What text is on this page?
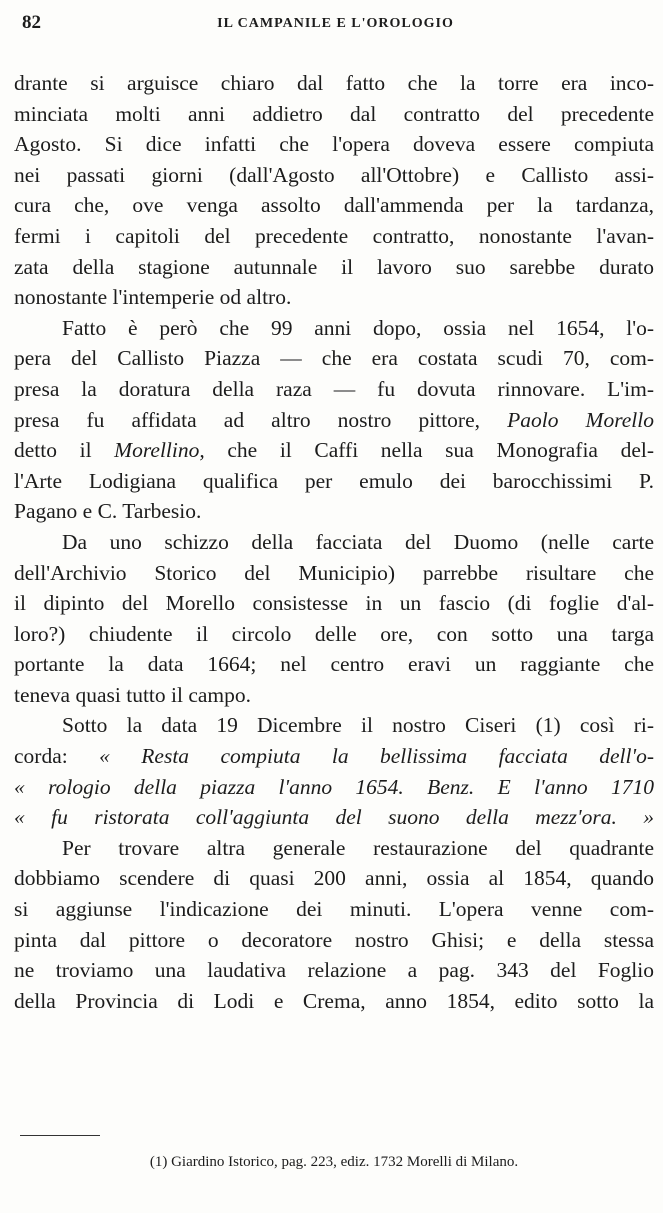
82	IL CAMPANILE E L'OROLOGIO
drante si arguisce chiaro dal fatto che la torre era inco-
minciata molti anni addietro dal contratto del precedente
Agosto. Si dice infatti che l'opera doveva essere compiuta
nei passati giorni (dall'Agosto all'Ottobre) e Callisto assi-
cura che, ove venga assolto dall'ammenda per la tardanza,
fermi i capitoli del precedente contratto, nonostante l'avan-
zata della stagione autunnale il lavoro suo sarebbe durato
nonostante l'intemperie od altro.
Fatto è però che 99 anni dopo, ossia nel 1654, l'o-
pera del Callisto Piazza — che era costata scudi 70, com-
presa la doratura della raza — fu dovuta rinnovare. L'im-
presa fu affidata ad altro nostro pittore, Paolo Morello
detto il Morellino, che il Caffi nella sua Monografia del-
l'Arte Lodigiana qualifica per emulo dei barocchissimi P.
Pagano e C. Tarbesio.
Da uno schizzo della facciata del Duomo (nelle carte
dell'Archivio Storico del Municipio) parrebbe risultare che
il dipinto del Morello consistesse in un fascio (di foglie d'al-
loro?) chiudente il circolo delle ore, con sotto una targa
portante la data 1664; nel centro eravi un raggiante che
teneva quasi tutto il campo.
Sotto la data 19 Dicembre il nostro Ciseri (1) così ri-
corda: « Resta compiuta la bellissima facciata dell'o-
« rologio della piazza l'anno 1654. Benz. E l'anno 1710
« fu ristorata coll'aggiunta del suono della mezz'ora. »
Per trovare altra generale restaurazione del quadrante
dobbiamo scendere di quasi 200 anni, ossia al 1854, quando
si aggiunse l'indicazione dei minuti. L'opera venne com-
pinta dal pittore o decoratore nostro Ghisi; e della stessa
ne troviamo una laudativa relazione a pag. 343 del Foglio
della Provincia di Lodi e Crema, anno 1854, edito sotto la
(1) Giardino Istorico, pag. 223, ediz. 1732 Morelli di Milano.
